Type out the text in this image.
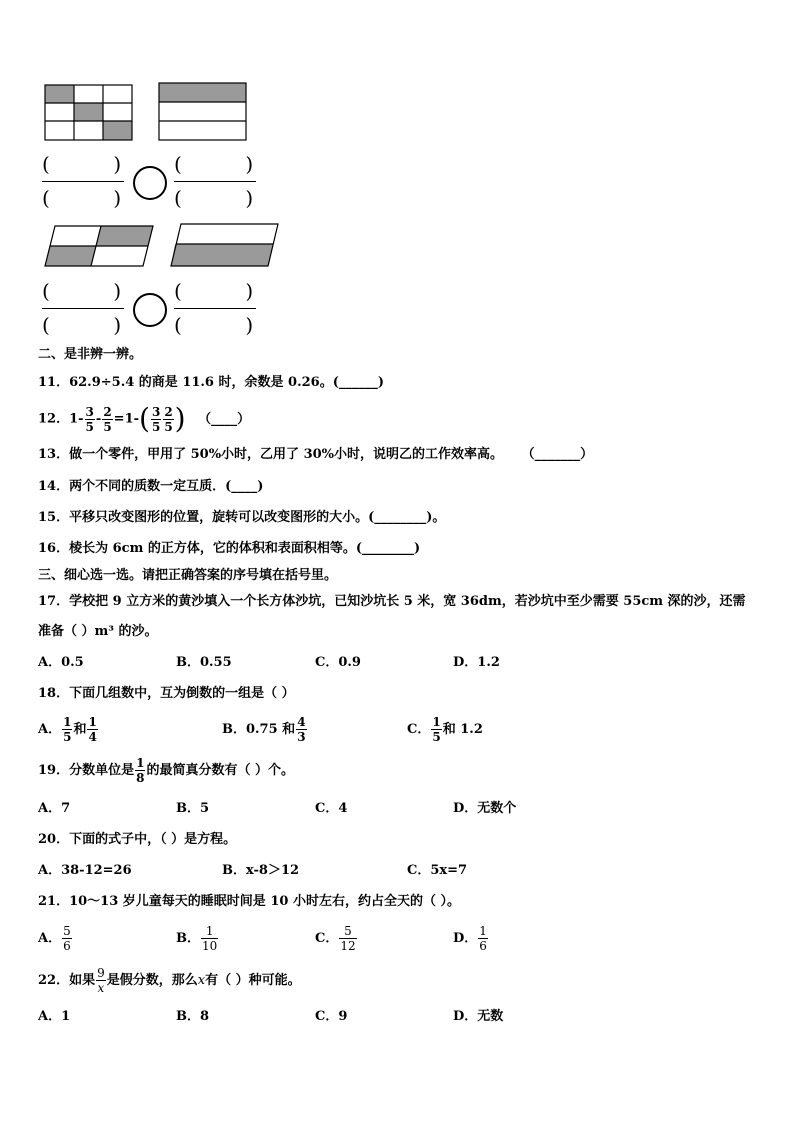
(          )
(          )
(          )
(          )
(          )
(          )
(          )
(          )
二、是非辨一辨。
11．62.9÷5.4 的商是 11.6 时，余数是 0.26。(______)
12．$1- \frac{3}{5} - \frac{2}{5} =1-( \frac{3}{5} \frac{2}{5}$ ) （____）
13．做一个零件，甲用了 50%小时，乙用了 30%小时，说明乙的工作效率高。 （_______）
14．两个不同的质数一定互质．(____)
15．平移只改变图形的位置，旋转可以改变图形的大小。(________)。
16．棱长为 6cm 的正方体，它的体积和表面积相等。(________)
三、细心选一选。请把正确答案的序号填在括号里。
17．学校把 9 立方米的黄沙填入一个长方体沙坑，已知沙坑长 5 米，宽 36dm，若沙坑中至少需要 55cm 深的沙，还需
准备（ ）m³ 的沙。
A．0.5	B．0.55	C．0.9	D．1.2
18．下面几组数中，互为倒数的一组是（ ）
A． $\frac{1}{5}$ 和 $\frac{1}{4}$	B．0.75 和 $\frac{4}{3}$	C． $\frac{1}{5}$ 和 1.2
19．分数单位是 $\frac{1}{8}$ 的最简真分数有（ ）个。
A．7	B．5	C．4	D．无数个
20．下面的式子中，（ ）是方程。
A．38-12=26	B．x-8＞12	C．5x=7
21．10～13 岁儿童每天的睡眠时间是 10 小时左右，约占全天的（ ）。
A． $\frac{5}{6}$	B． $\frac{1}{10}$	C． $\frac{5}{12}$	D． $\frac{1}{6}$
22．如果 $\frac{9}{x}$ 是假分数，那么x有（ ）种可能。
A．1	B．8	C．9	D．无数
